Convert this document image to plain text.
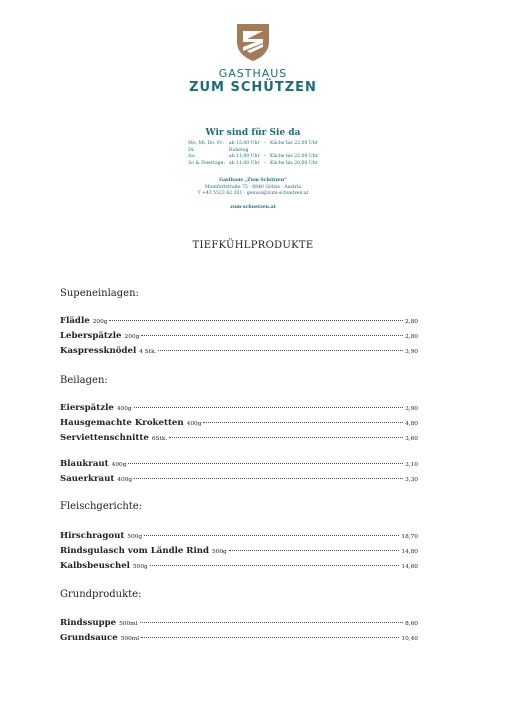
GASTHAUS
ZUM SCHÜTZEN
Wir sind für Sie da
Mo, Mi, Do, Fr:	ab 15.00 Uhr	–	Küche bis 22.00 Uhr
Di:	Ruhetag		
Sa:	ab 11.00 Uhr	–	Küche bis 22.00 Uhr
So & Feiertage:	ab 11.00 Uhr	–	Küche bis 20.00 Uhr
Gasthaus „Zum Schützen“
Montfortstraße 75 · 6840 Götzis · Austria
T +43 5523 62 201 · genuss@zum-schuetzen.at
zum-schuetzen.at
TIEFKÜHLPRODUKTE
Supeneinlagen:
Flädle 200g	2,80
Leberspätzle 200g	2,80
Kaspressknödel 4 Stk.	3,90
Beilagen:
Eierspätzle 400g	3,90
Hausgemachte Kroketten 400g	4,80
Serviettenschnitte 6Stk.	3,60
Blaukraut 400g	3,10
Sauerkraut 400g	3,30
Fleischgerichte:
Hirschragout 500g	18,70
Rindsgulasch vom Ländle Rind 500g	14,80
Kalbsbeuschel 500g	14,60
Grundprodukte:
Rindssuppe 500ml	8,60
Grundsauce 500ml	10,40
